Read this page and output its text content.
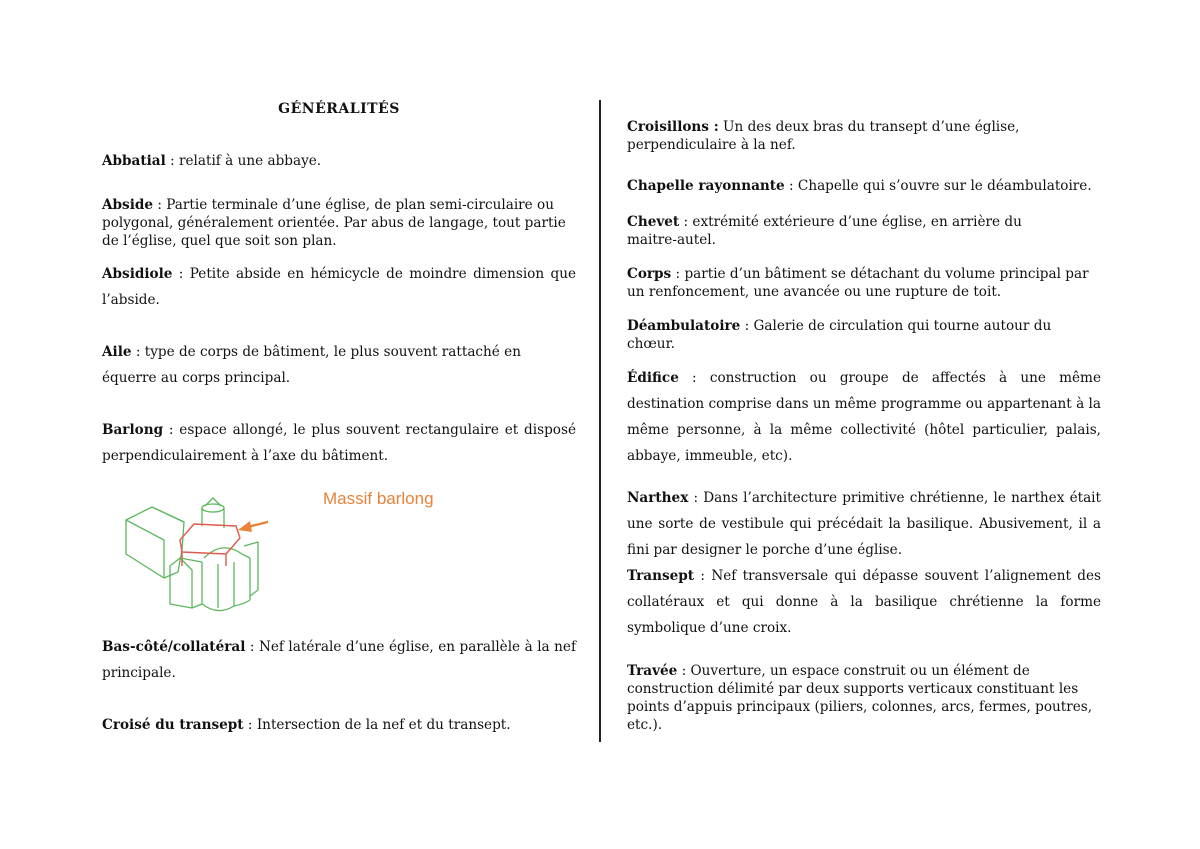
GÉNÉRALITÉS
Abbatial : relatif à une abbaye.
Abside : Partie terminale d’une église, de plan semi-circulaire ou polygonal, généralement orientée. Par abus de langage, tout partie de l’église, quel que soit son plan.
Absidiole : Petite abside en hémicycle de moindre dimension que l’abside.
Aile : type de corps de bâtiment, le plus souvent rattaché en équerre au corps principal.
Barlong : espace allongé, le plus souvent rectangulaire et disposé perpendiculairement à l’axe du bâtiment.
Bas-côté/collatéral : Nef latérale d’une église, en parallèle à la nef principale.
Croisé du transept : Intersection de la nef et du transept.
Massif barlong
Croisillons : Un des deux bras du transept d’une église, perpendiculaire à la nef.
Chapelle rayonnante : Chapelle qui s’ouvre sur le déambulatoire.
Chevet : extrémité extérieure d’une église, en arrière du maitre-autel.
Corps : partie d’un bâtiment se détachant du volume principal par un renfoncement, une avancée ou une rupture de toit.
Déambulatoire : Galerie de circulation qui tourne autour du chœur.
Édifice : construction ou groupe de affectés à une même destination comprise dans un même programme ou appartenant à la même personne, à la même collectivité (hôtel particulier, palais, abbaye, immeuble, etc).
Narthex : Dans l’architecture primitive chrétienne, le narthex était une sorte de vestibule qui précédait la basilique. Abusivement, il a fini par designer le porche d’une église.
Transept : Nef transversale qui dépasse souvent l’alignement des collatéraux et qui donne à la basilique chrétienne la forme symbolique d’une croix.
Travée : Ouverture, un espace construit ou un élément de construction délimité par deux supports verticaux constituant les points d’appuis principaux (piliers, colonnes, arcs, fermes, poutres, etc.).
